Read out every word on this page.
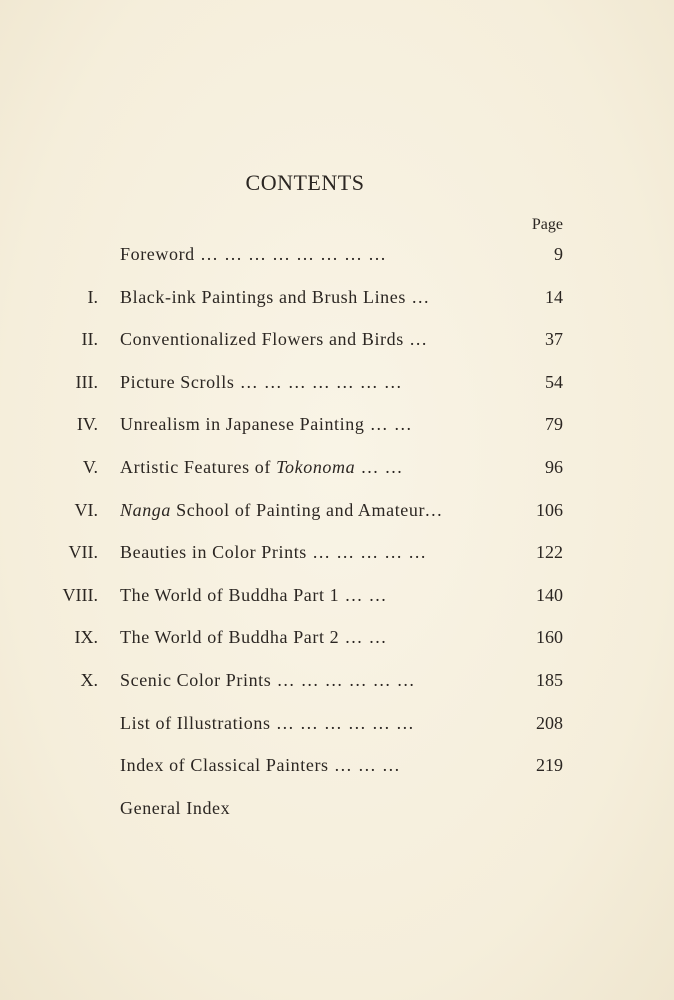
CONTENTS
Page
Foreword ... ... ... ... ... ... ... ...	9
I. Black-ink Paintings and Brush Lines ...	14
II. Conventionalized Flowers and Birds ...	37
III. Picture Scrolls ... ... ... ... ... ... ...	54
IV. Unrealism in Japanese Painting ... ...	79
V. Artistic Features of Tokonoma ... ...	96
VI. Nanga School of Painting and Amateur...	106
VII. Beauties in Color Prints ... ... ... ... ...	122
VIII. The World of Buddha Part 1 ... ...	140
IX. The World of Buddha Part 2 ... ...	160
X. Scenic Color Prints ... ... ... ... ... ...	185
List of Illustrations ... ... ... ... ... ...	208
Index of Classical Painters ... ... ...	219
General Index
